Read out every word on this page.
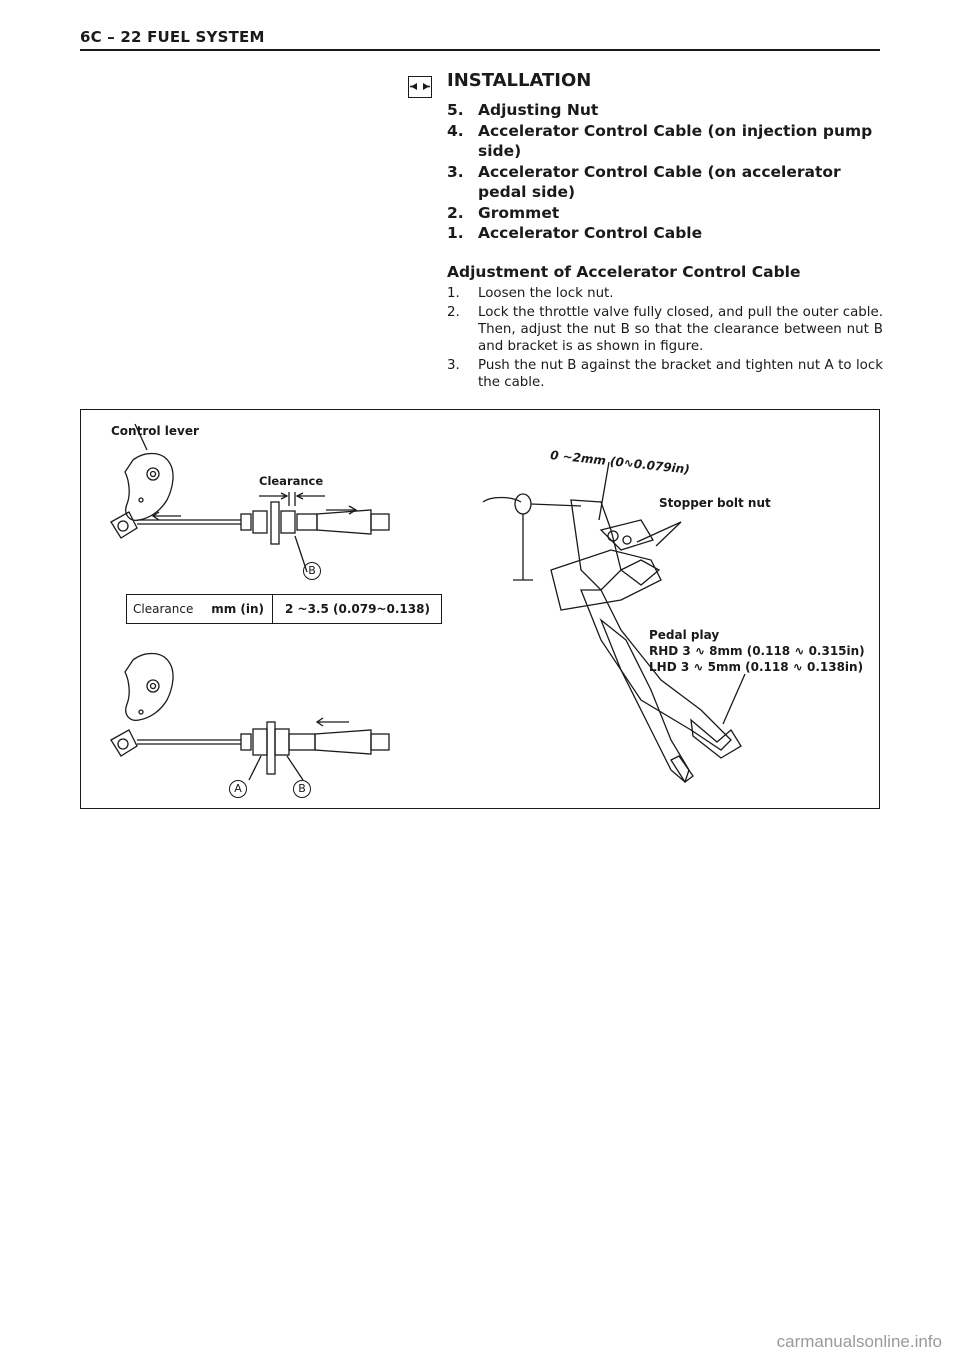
6C – 22 FUEL SYSTEM
INSTALLATION
5. Adjusting Nut
4. Accelerator Control Cable (on injection pump side)
3. Accelerator Control Cable (on accelerator pedal side)
2. Grommet
1. Accelerator Control Cable
Adjustment of Accelerator Control Cable
1.	Loosen the lock nut.
2.	Lock the throttle valve fully closed, and pull the outer cable. Then, adjust the nut B so that the clearance between nut B and bracket is as shown in figure.
3.	Push the nut B against the bracket and tighten nut A to lock the cable.
Control lever
Clearance
B
Clearance mm (in)	2 ~3.5 (0.079~0.138)
A	B
0 ~2mm (0∿0.079in)
Stopper bolt nut
Pedal play
RHD 3 ∿ 8mm (0.118 ∿ 0.315in)
LHD 3 ∿ 5mm (0.118 ∿ 0.138in)
carmanualsonline.info
